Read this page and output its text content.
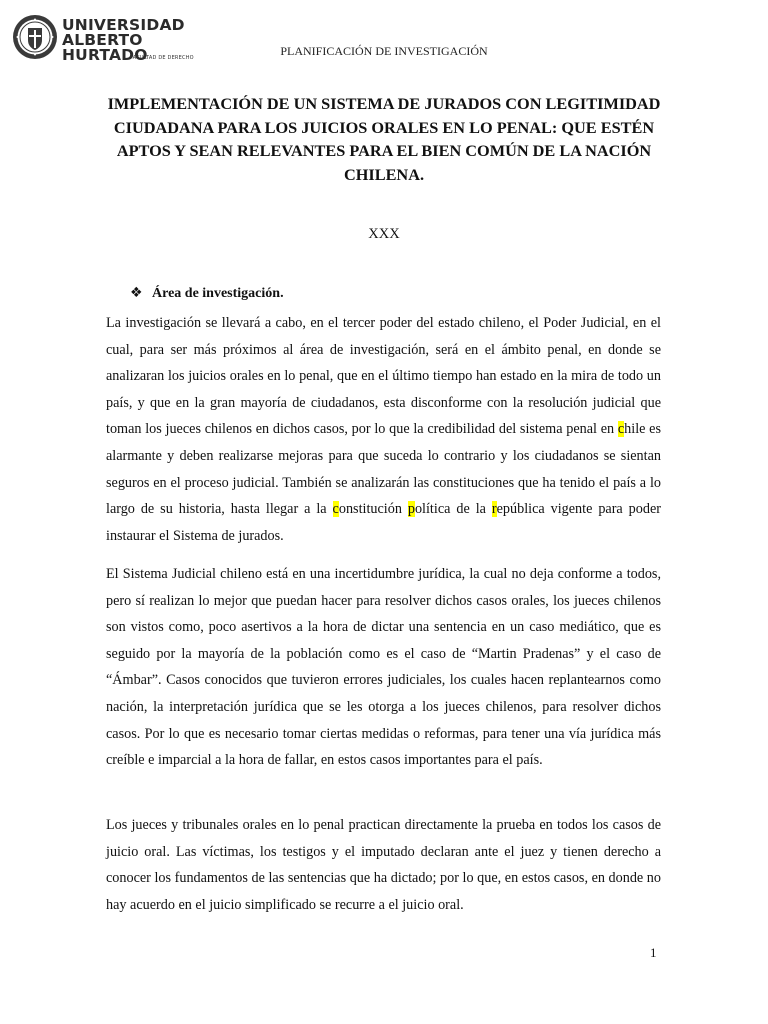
UNIVERSIDAD
ALBERTO HURTADO
FACULTAD DE DERECHO	PLANIFICACIÓN DE INVESTIGACIÓN
IMPLEMENTACIÓN DE UN SISTEMA DE JURADOS CON LEGITIMIDAD CIUDADANA PARA LOS JUICIOS ORALES EN LO PENAL: QUE ESTÉN APTOS Y SEAN RELEVANTES PARA EL BIEN COMÚN DE LA NACIÓN CHILENA.
XXX
❖ Área de investigación.

La investigación se llevará a cabo, en el tercer poder del estado chileno, el Poder Judicial, en el cual, para ser más próximos al área de investigación, será en el ámbito penal, en donde se analizaran los juicios orales en lo penal, que en el último tiempo han estado en la mira de todo un país, y que en la gran mayoría de ciudadanos, esta disconforme con la resolución judicial que toman los jueces chilenos en dichos casos, por lo que la credibilidad del sistema penal en chile es alarmante y deben realizarse mejoras para que suceda lo contrario y los ciudadanos se sientan seguros en el proceso judicial. También se analizarán las constituciones que ha tenido el país a lo largo de su historia, hasta llegar a la constitución política de la república vigente para poder instaurar el Sistema de jurados.

El Sistema Judicial chileno está en una incertidumbre jurídica, la cual no deja conforme a todos, pero sí realizan lo mejor que puedan hacer para resolver dichos casos orales, los jueces chilenos son vistos como, poco asertivos a la hora de dictar una sentencia en un caso mediático, que es seguido por la mayoría de la población como es el caso de “Martin Pradenas” y el caso de “Ámbar”. Casos conocidos que tuvieron errores judiciales, los cuales hacen replantearnos como nación, la interpretación jurídica que se les otorga a los jueces chilenos, para resolver dichos casos. Por lo que es necesario tomar ciertas medidas o reformas, para tener una vía jurídica más creíble e imparcial a la hora de fallar, en estos casos importantes para el país.

Los jueces y tribunales orales en lo penal practican directamente la prueba en todos los casos de juicio oral. Las víctimas, los testigos y el imputado declaran ante el juez y tienen derecho a conocer los fundamentos de las sentencias que ha dictado; por lo que, en estos casos, en donde no hay acuerdo en el juicio simplificado se recurre a el juicio oral.

1
